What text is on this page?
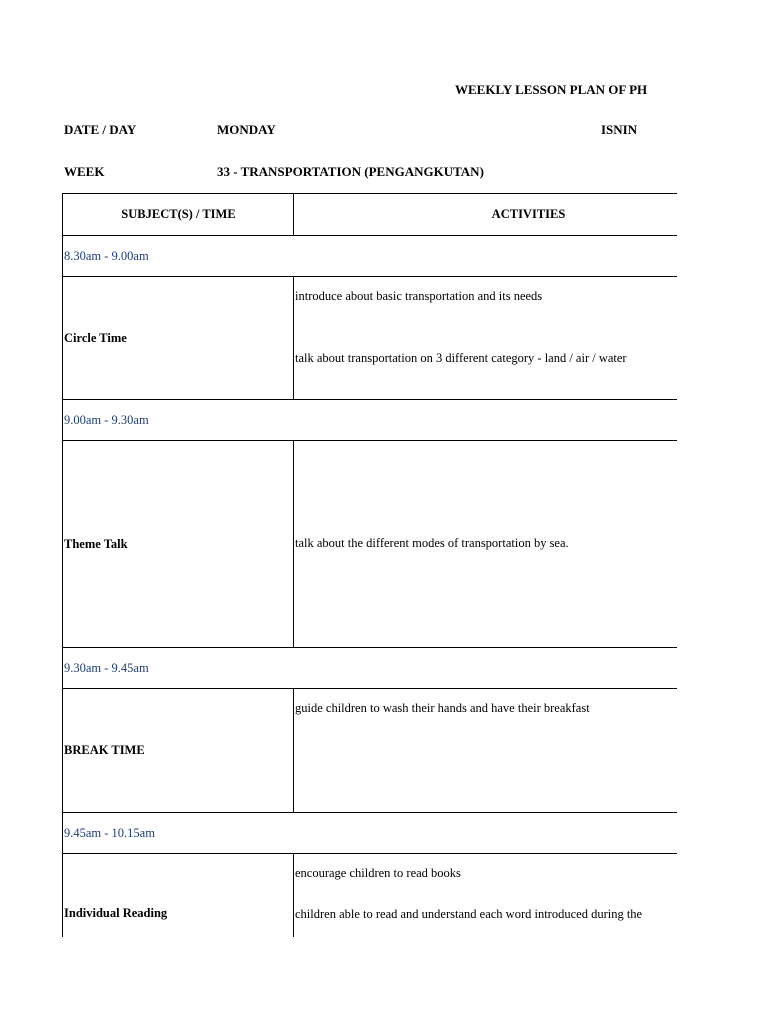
WEEKLY LESSON PLAN OF PH
DATE / DAY	MONDAY	ISNIN
WEEK	33 - TRANSPORTATION (PENGANGKUTAN)
SUBJECT(S) / TIME	ACTIVITIES
8.30am - 9.00am	
Circle Time	introduce about basic transportation and its needs
talk about transportation on 3 different category - land / air / water

9.00am - 9.30am	
Theme Talk	talk about the different modes of transportation by sea.

9.30am - 9.45am	
BREAK TIME	guide children to wash their hands and have their breakfast

9.45am - 10.15am	
Individual Reading	encourage children to read books
children able to read and understand each word introduced during the
